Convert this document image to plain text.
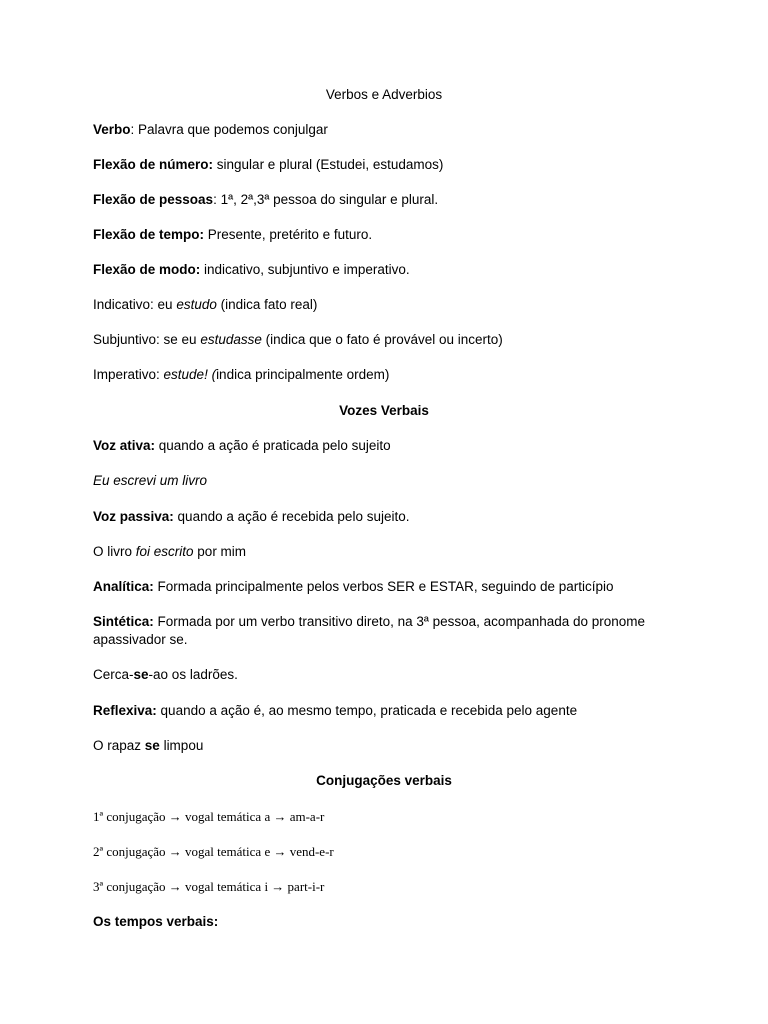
Verbos e Adverbios
Verbo: Palavra que podemos conjulgar
Flexão de número: singular e plural (Estudei, estudamos)
Flexão de pessoas: 1ª, 2ª,3ª pessoa do singular e plural.
Flexão de tempo: Presente, pretérito e futuro.
Flexão de modo: indicativo, subjuntivo e imperativo.
Indicativo: eu estudo (indica fato real)
Subjuntivo: se eu estudasse (indica que o fato é provável ou incerto)
Imperativo: estude! (indica principalmente ordem)
Vozes Verbais
Voz ativa: quando a ação é praticada pelo sujeito
Eu escrevi um livro
Voz passiva: quando a ação é recebida pelo sujeito.
O livro foi escrito por mim
Analítica: Formada principalmente pelos verbos SER e ESTAR, seguindo de particípio
Sintética: Formada por um verbo transitivo direto, na 3ª pessoa, acompanhada do pronome apassivador se.
Cerca-se-ao os ladrões.
Reflexiva: quando a ação é, ao mesmo tempo, praticada e recebida pelo agente
O rapaz se limpou
Conjugações verbais
1ª conjugação → vogal temática a → am-a-r
2ª conjugação → vogal temática e → vend-e-r
3ª conjugação → vogal temática i → part-i-r
Os tempos verbais:
